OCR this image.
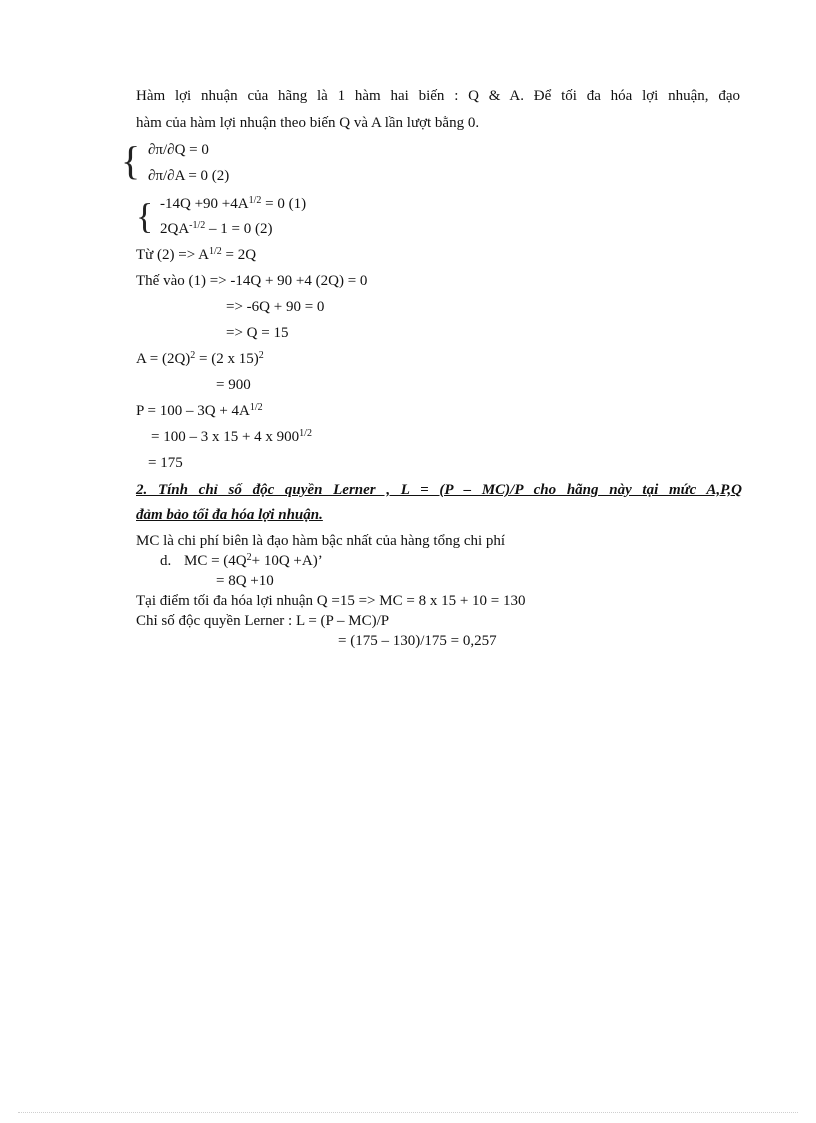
Hàm lợi nhuận của hãng là 1 hàm hai biến : Q & A. Để tối đa hóa lợi nhuận, đạo
hàm của hàm lợi nhuận theo biến Q và A lần lượt bằng 0.
{ ∂π/∂Q = 0
∂π/∂A = 0 (2)
{ $-14Q +90 +4A^{1/2} = 0$ (1)
$2QA^{-1/2} - 1 = 0$ (2)
Từ $(2) => A^{1/2} = 2Q$
Thế vào (1) => -14Q + 90 +4 (2Q) = 0
=> -6Q + 90 = 0
=> Q = 15
$A = (2Q)^2 = (2$ x 15)$^2$
= 900
$P = 100 - 3Q + 4A^{1/2}$
= 100 – 3 x 15 + 4 x $900^{1/2}$
= 175
2. Tính chỉ số độc quyền Lerner , L = (P – MC)/P cho hãng này tại mức A,P,Q
đảm bảo tối đa hóa lợi nhuận.
MC là chi phí biên là đạo hàm bậc nhất của hàng tổng chi phí
d. MC = $(4Q^2+ 10Q +A)$’
= 8Q +10
Tại điểm tối đa hóa lợi nhuận Q =15 => MC = 8 x 15 + 10 = 130
Chỉ số độc quyền Lerner : L = (P – MC)/P
= (175 – 130)/175 = 0,257
